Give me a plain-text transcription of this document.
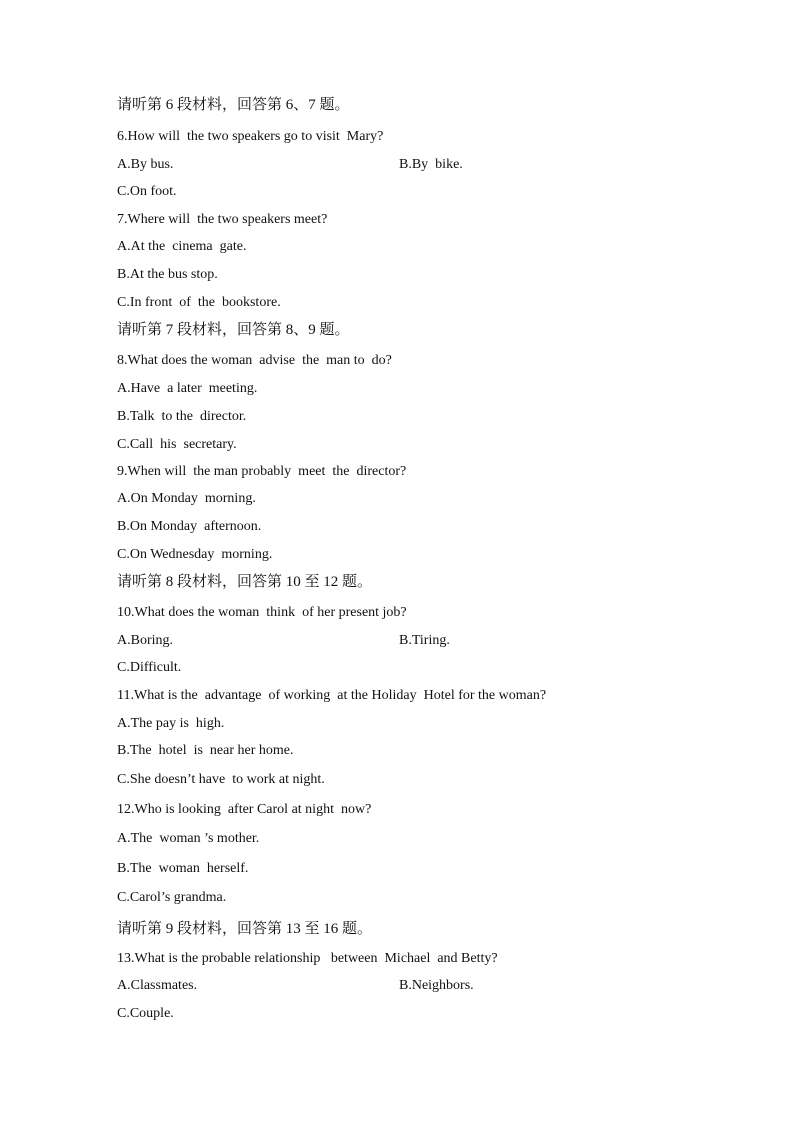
请听第 6 段材料，回答第 6、7 题。
6.How will  the two speakers go to visit  Mary?
A.By bus.	B.By  bike.
C.On foot.
7.Where will  the two speakers meet?
A.At the  cinema  gate.
B.At the bus stop.
C.In front  of  the  bookstore.
请听第 7 段材料，回答第 8、9 题。
8.What does the woman  advise  the  man to  do?
A.Have  a later  meeting.
B.Talk  to the  director.
C.Call  his  secretary.
9.When will  the man probably  meet  the  director?
A.On Monday  morning.
B.On Monday  afternoon.
C.On Wednesday  morning.
请听第 8 段材料，回答第 10 至 12 题。
10.What does the woman  think  of her present job?
A.Boring.	B.Tiring.
C.Difficult.
11.What is the  advantage  of working  at the Holiday  Hotel for the woman?
A.The pay is  high.
B.The  hotel  is  near her home.
C.She doesn’t have  to work at night.
12.Who is looking  after Carol at night  now?
A.The  woman ’s mother.
B.The  woman  herself.
C.Carol’s grandma.
请听第 9 段材料，回答第 13 至 16 题。
13.What is the probable relationship   between  Michael  and Betty?
A.Classmates.	B.Neighbors.
C.Couple.
